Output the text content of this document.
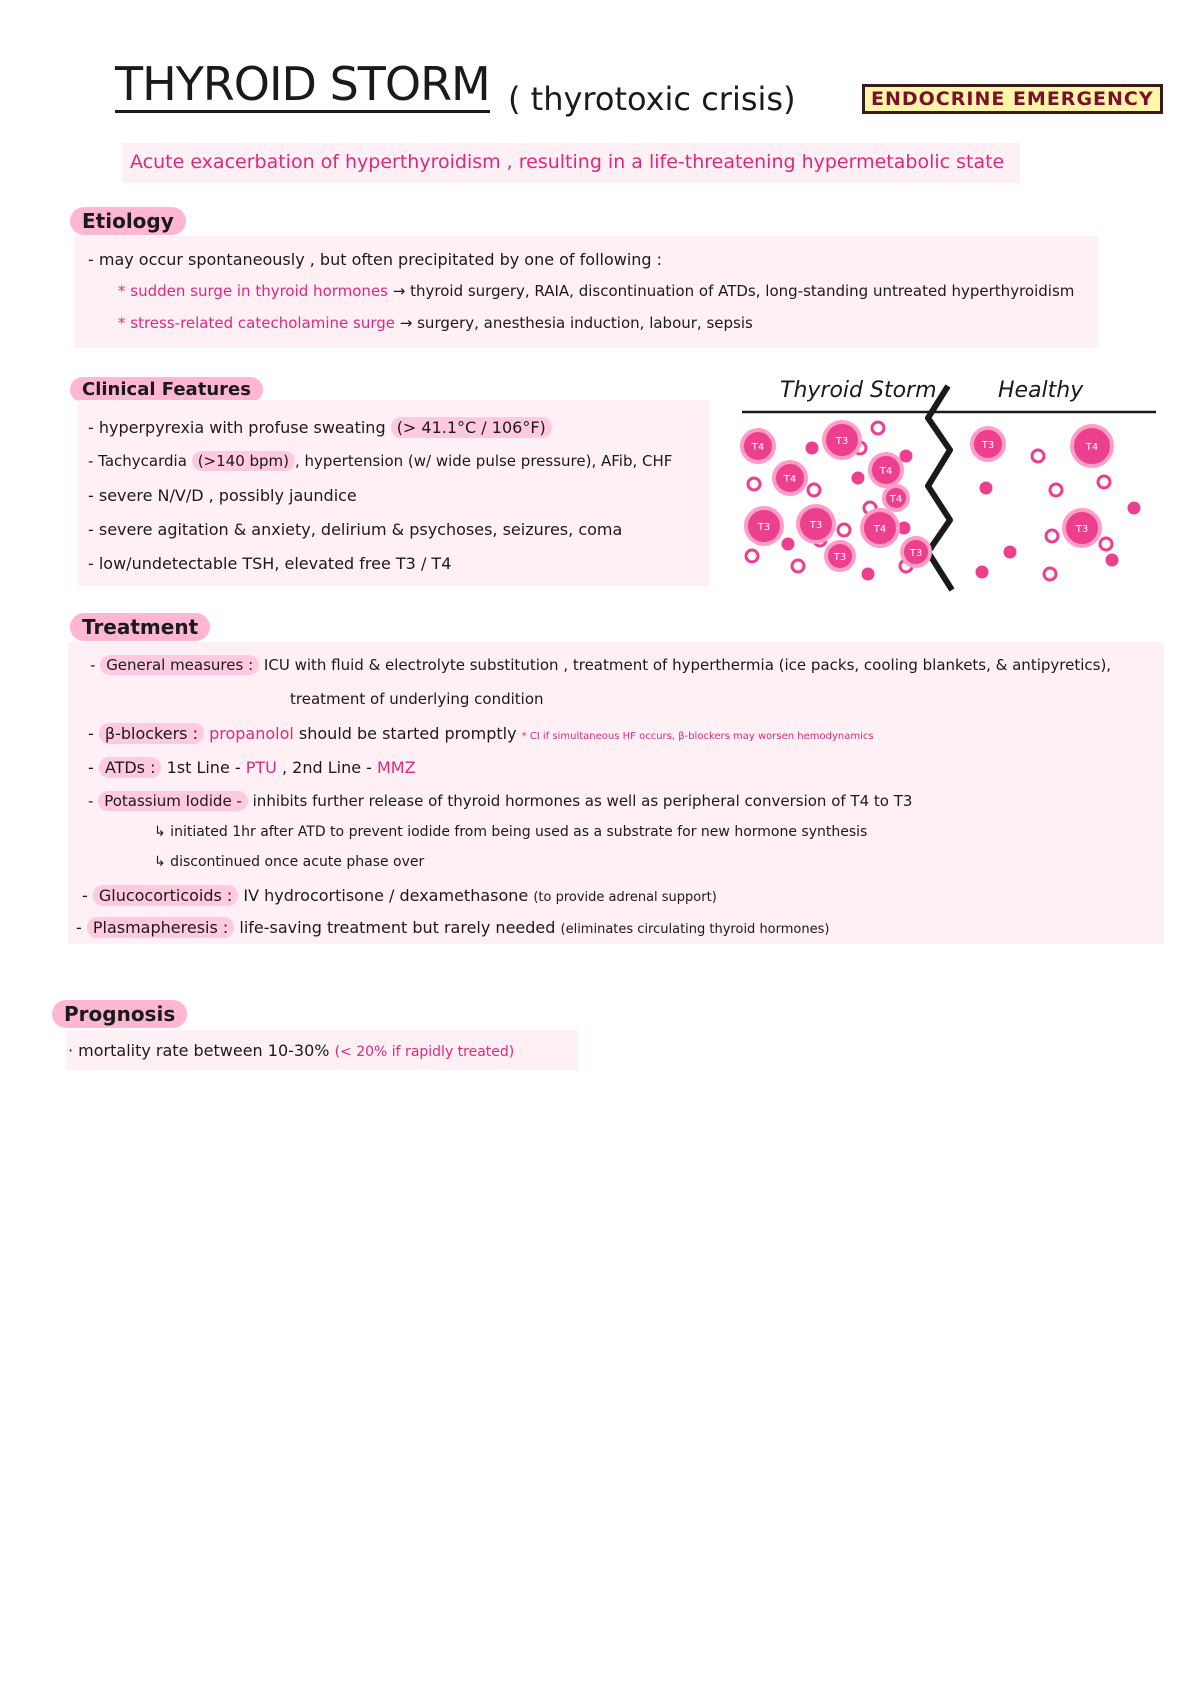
THYROID STORM ( thyrotoxic crisis)	ENDOCRINE EMERGENCY
Acute exacerbation of hyperthyroidism , resulting in a life-threatening hypermetabolic state
Etiology
- may occur spontaneously , but often precipitated by one of following :
* sudden surge in thyroid hormones → thyroid surgery, RAIA, discontinuation of ATDs, long-standing untreated hyperthyroidism
* stress-related catecholamine surge → surgery, anesthesia induction, labour, sepsis
Clinical Features
- hyperpyrexia with profuse sweating (> 41.1°C / 106°F)
- Tachycardia (>140 bpm) , hypertension (w/ wide pulse pressure), AFib, CHF
- severe N/V/D , possibly jaundice
- severe agitation & anxiety, delirium & psychoses, seizures, coma
- low/undetectable TSH, elevated free T3 / T4
Thyroid Storm	Healthy
T4
T3
T4
T4
T3	T3	T4
T3
T4
T3
T3	T4
T3
Treatment
- General measures : ICU with fluid & electrolyte substitution , treatment of hyperthermia (ice packs, cooling blankets, & antipyretics),
treatment of underlying condition
- β-blockers : propanolol should be started promptly * CI if simultaneous HF occurs, β-blockers may worsen hemodynamics
- ATDs : 1st Line - PTU , 2nd Line - MMZ
- Potassium Iodide - inhibits further release of thyroid hormones as well as peripheral conversion of T4 to T3
↳ initiated 1hr after ATD to prevent iodide from being used as a substrate for new hormone synthesis
↳ discontinued once acute phase over
- Glucocorticoids : IV hydrocortisone / dexamethasone (to provide adrenal support)
- Plasmapheresis : life-saving treatment but rarely needed (eliminates circulating thyroid hormones)
Prognosis
· mortality rate between 10-30% (< 20% if rapidly treated)
